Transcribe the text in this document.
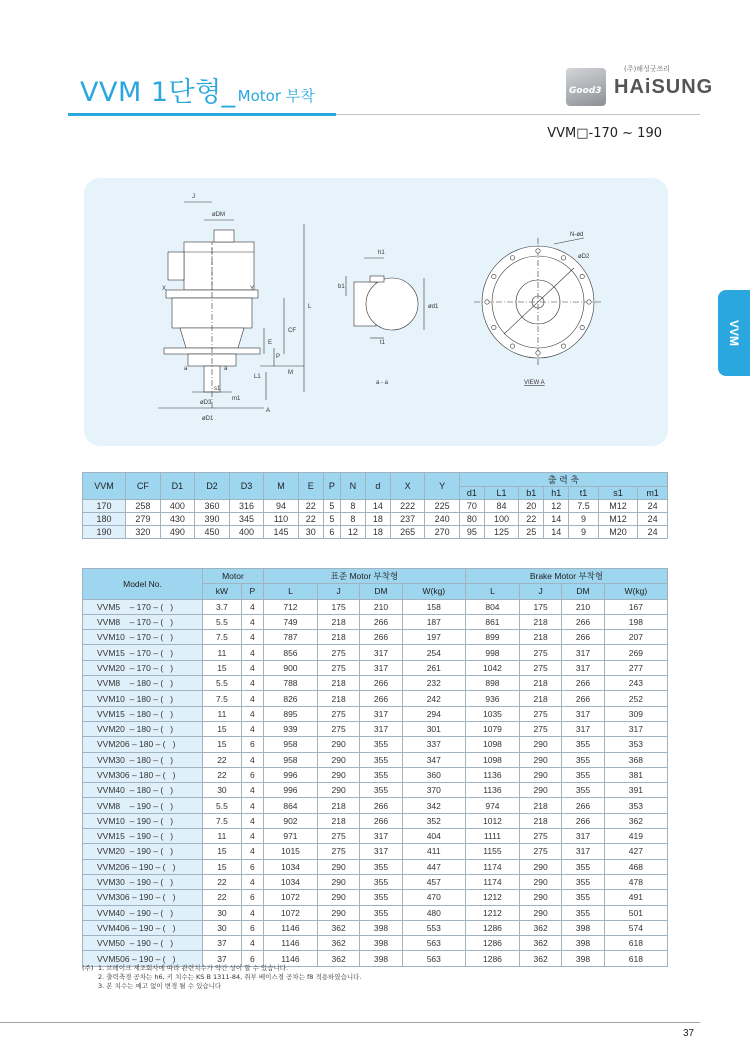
VVM 1단형_ Motor 부착	Good3
(주)해성굿쓰리
HAiSUNG
VVM□-170 ~ 190
VVM
J
øDM
X	Y
L
CF
E
P
M
L1
a	a
s1
m1
øD3
øD1
A
h1
b1
ød1
t1
a - a
N-ød
øD2
VIEW A
VVM	CF	D1	D2	D3	M	E	P	N	d	X	Y	출 력 축						
												d1	L1	b1	h1	t1	s1	m1
170	258	400	360	316	94	22	5	8	14	222	225	70	84	20	12	7.5	M12	24
180	279	430	390	345	110	22	5	8	18	237	240	80	100	22	14	9	M12	24
190	320	490	450	400	145	30	6	12	18	265	270	95	125	25	14	9	M20	24
Model No.	Motor		표준 Motor 부착형				Brake Motor 부착형			
	kW	P	L	J	DM	W(kg)	L	J	DM	W(kg)
VVM5    – 170 – (   )	3.7	4	712	175	210	158	804	175	210	167
VVM8    – 170 – (   )	5.5	4	749	218	266	187	861	218	266	198
VVM10  – 170 – (   )	7.5	4	787	218	266	197	899	218	266	207
VVM15  – 170 – (   )	11	4	856	275	317	254	998	275	317	269
VVM20  – 170 – (   )	15	4	900	275	317	261	1042	275	317	277
VVM8    – 180 – (   )	5.5	4	788	218	266	232	898	218	266	243
VVM10  – 180 – (   )	7.5	4	826	218	266	242	936	218	266	252
VVM15  – 180 – (   )	11	4	895	275	317	294	1035	275	317	309
VVM20  – 180 – (   )	15	4	939	275	317	301	1079	275	317	317
VVM206 – 180 – (   )	15	6	958	290	355	337	1098	290	355	353
VVM30  – 180 – (   )	22	4	958	290	355	347	1098	290	355	368
VVM306 – 180 – (   )	22	6	996	290	355	360	1136	290	355	381
VVM40  – 180 – (   )	30	4	996	290	355	370	1136	290	355	391
VVM8    – 190 – (   )	5.5	4	864	218	266	342	974	218	266	353
VVM10  – 190 – (   )	7.5	4	902	218	266	352	1012	218	266	362
VVM15  – 190 – (   )	11	4	971	275	317	404	1111	275	317	419
VVM20  – 190 – (   )	15	4	1015	275	317	411	1155	275	317	427
VVM206 – 190 – (   )	15	6	1034	290	355	447	1174	290	355	468
VVM30  – 190 – (   )	22	4	1034	290	355	457	1174	290	355	478
VVM306 – 190 – (   )	22	6	1072	290	355	470	1212	290	355	491
VVM40  – 190 – (   )	30	4	1072	290	355	480	1212	290	355	501
VVM406 – 190 – (   )	30	6	1146	362	398	553	1286	362	398	574
VVM50  – 190 – (   )	37	4	1146	362	398	563	1286	362	398	618
VVM506 – 190 – (   )	37	6	1146	362	398	563	1286	362	398	618
(주) 1. 브레이크 제조회사에 따라 관련치수가 약간 상이 할 수 있습니다.
2. 출력축경 공차는 h6, 키 치수는 KS B 1311-84, 취부 베이스경 공차는 f8 적용하였습니다.
3. 본 치수는 예고 없이 변경 될 수 있습니다
37
